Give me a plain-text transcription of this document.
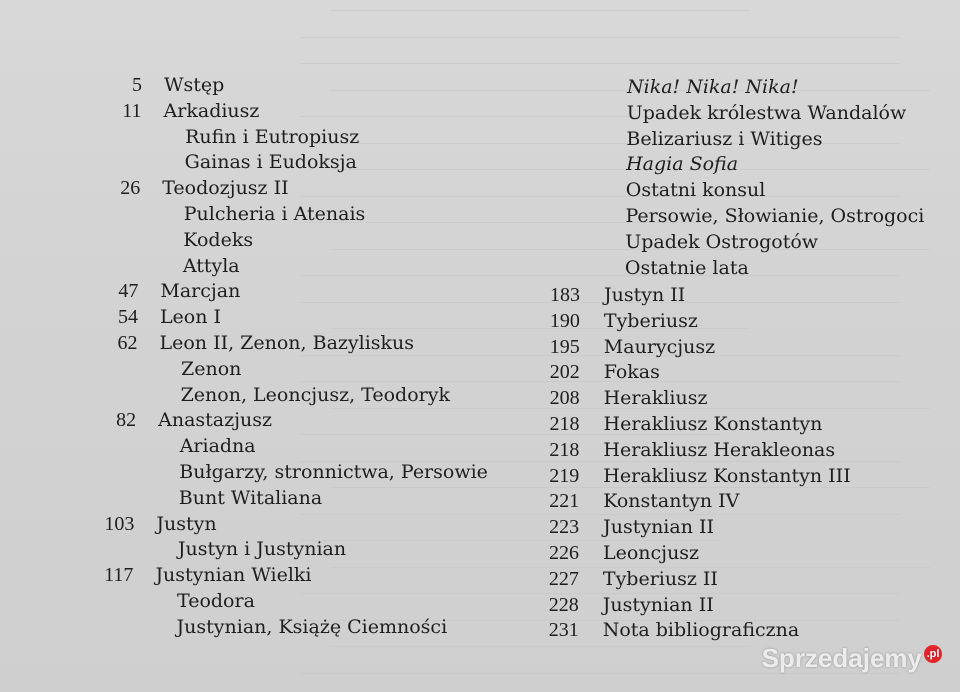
5 Wstęp
11 Arkadiusz
Rufin i Eutropiusz
Gainas i Eudoksja
26 Teodozjusz II
Pulcheria i Atenais
Kodeks
Attyla
47 Marcjan
54 Leon I
62 Leon II, Zenon, Bazyliskus
Zenon
Zenon, Leoncjusz, Teodoryk
82 Anastazjusz
Ariadna
Bułgarzy, stronnictwa, Persowie
Bunt Witaliana
103 Justyn
Justyn i Justynian
117 Justynian Wielki
Teodora
Justynian, Książę Ciemności
Nika! Nika! Nika!
Upadek królestwa Wandalów
Belizariusz i Witiges
Hagia Sofia
Ostatni konsul
Persowie, Słowianie, Ostrogoci
Upadek Ostrogotów
Ostatnie lata
183 Justyn II
190 Tyberiusz
195 Maurycjusz
202 Fokas
208 Herakliusz
218 Herakliusz Konstantyn
218 Herakliusz Herakleonas
219 Herakliusz Konstantyn III
221 Konstantyn IV
223 Justynian II
226 Leoncjusz
227 Tyberiusz II
228 Justynian II
231 Nota bibliograficzna
Sprzedajemy .pl
